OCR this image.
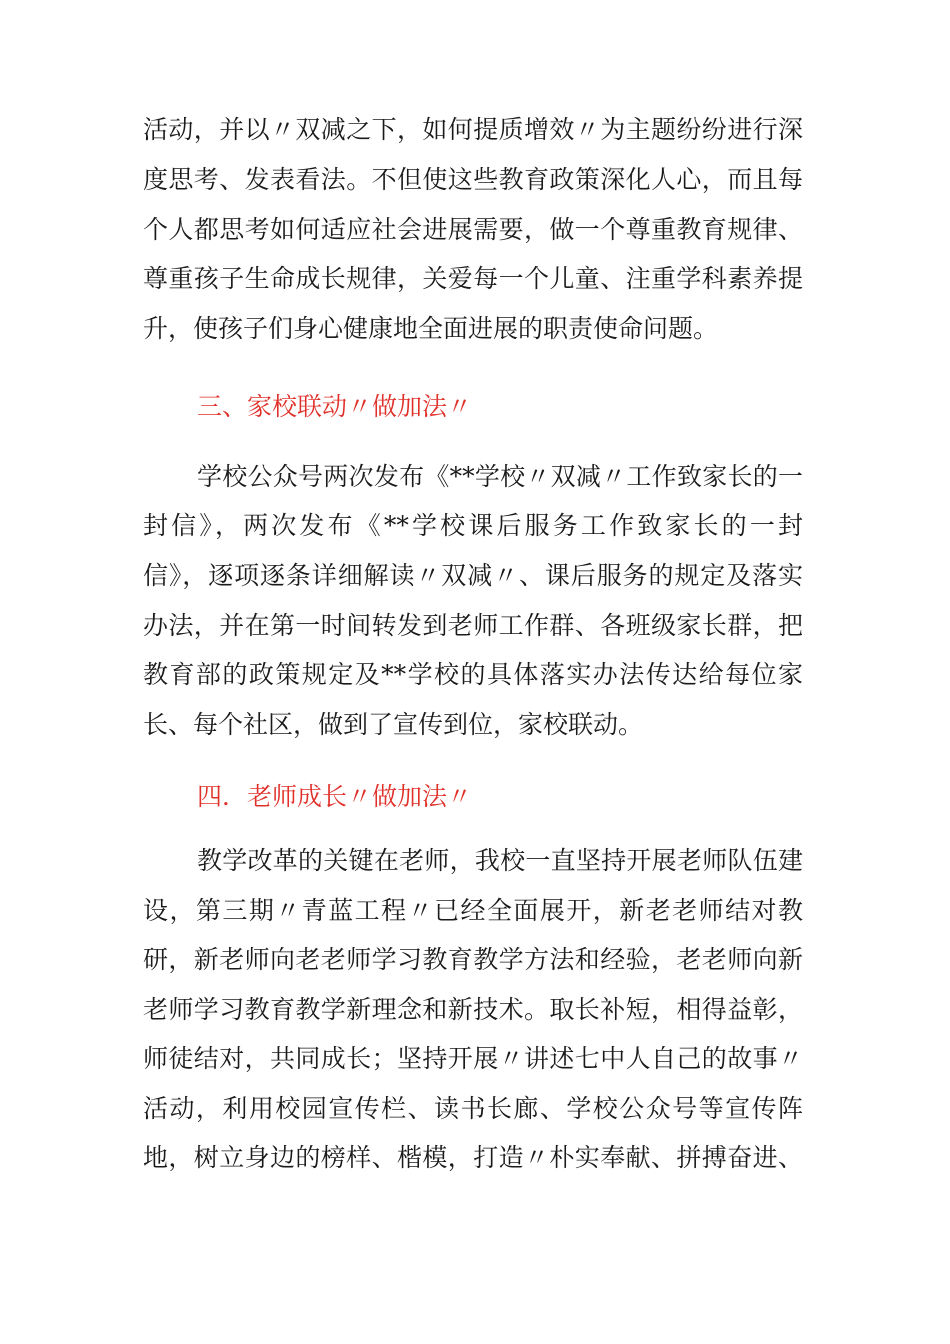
活动，并以〃双减之下，如何提质增效〃为主题纷纷进行深
度思考、发表看法。不但使这些教育政策深化人心，而且每
个人都思考如何适应社会进展需要，做一个尊重教育规律、
尊重孩子生命成长规律，关爱每一个儿童、注重学科素养提
升，使孩子们身心健康地全面进展的职责使命问题。
三、家校联动〃做加法〃
学校公众号两次发布《**学校〃双减〃工作致家长的一
封信》，两次发布《**学校课后服务工作致家长的一封
信》，逐项逐条详细解读〃双减〃、课后服务的规定及落实
办法，并在第一时间转发到老师工作群、各班级家长群，把
教育部的政策规定及**学校的具体落实办法传达给每位家
长、每个社区，做到了宣传到位，家校联动。
四．老师成长〃做加法〃
教学改革的关键在老师，我校一直坚持开展老师队伍建
设，第三期〃青蓝工程〃已经全面展开，新老老师结对教
研，新老师向老老师学习教育教学方法和经验，老老师向新
老师学习教育教学新理念和新技术。取长补短，相得益彰，
师徒结对，共同成长；坚持开展〃讲述七中人自己的故事〃
活动，利用校园宣传栏、读书长廊、学校公众号等宣传阵
地，树立身边的榜样、楷模，打造〃朴实奉献、拼搏奋进、
